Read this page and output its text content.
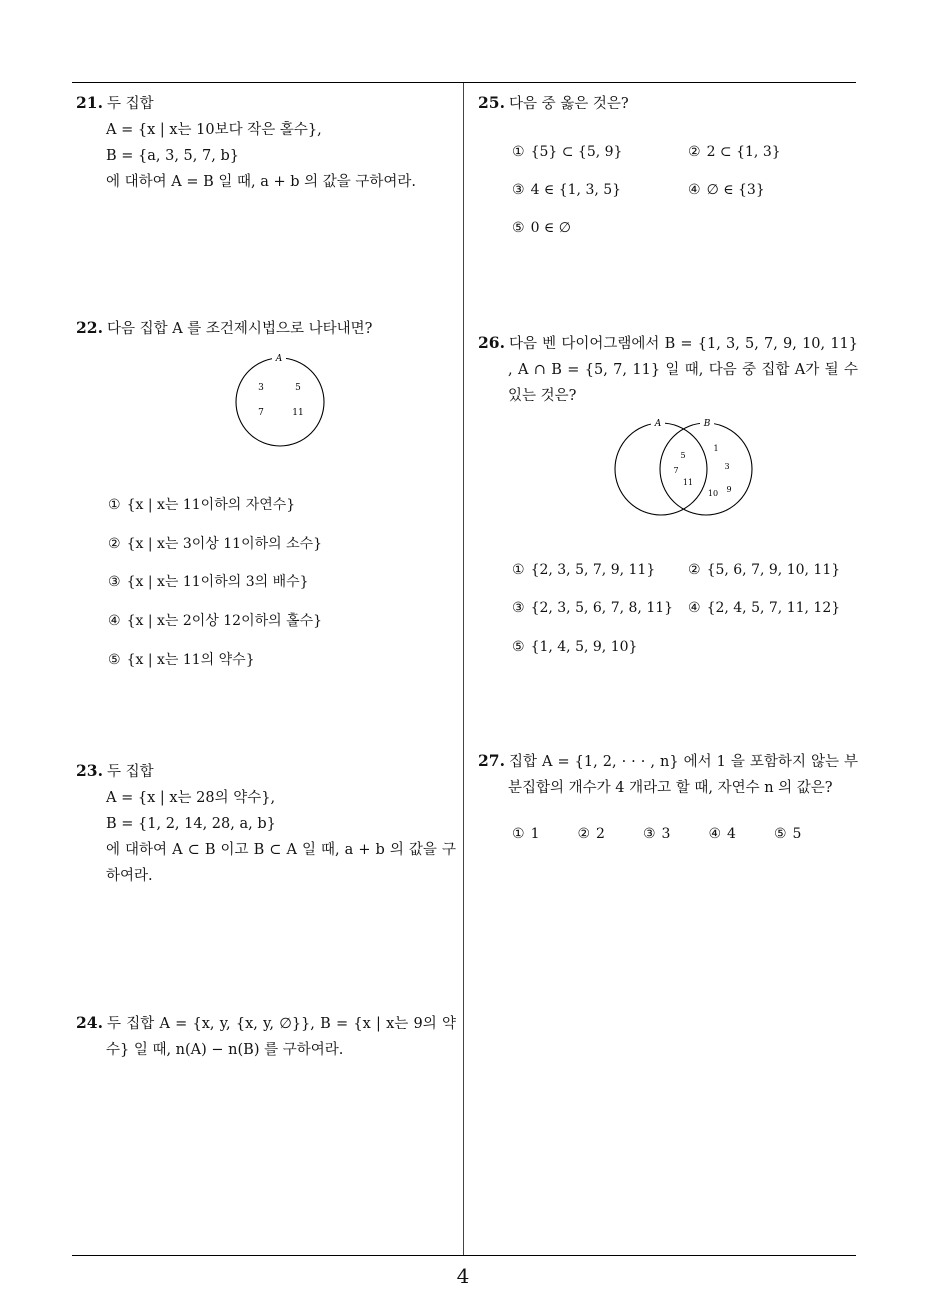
21. 두 집합
A = {x | x는 10보다 작은 홀수},
B = {a, 3, 5, 7, b}
에 대하여 A = B 일 때, a + b 의 값을 구하여라.
22. 다음 집합 A 를 조건제시법으로 나타내면?
A
3	5
7	11
① {x | x는 11이하의 자연수}
② {x | x는 3이상 11이하의 소수}
③ {x | x는 11이하의 3의 배수}
④ {x | x는 2이상 12이하의 홀수}
⑤ {x | x는 11의 약수}
23. 두 집합
A = {x | x는 28의 약수},
B = {1, 2, 14, 28, a, b}
에 대하여 A ⊂ B 이고 B ⊂ A 일 때, a + b 의 값을 구하여라.
24. 두 집합 A = {x, y, {x, y, ∅}}, B = {x | x는 9의 약수} 일 때, n(A) − n(B) 를 구하여라.
25. 다음 중 옳은 것은?
① {5} ⊂ {5, 9}	② 2 ⊂ {1, 3}
③ 4 ∈ {1, 3, 5}	④ ∅ ∈ {3}
⑤ 0 ∈ ∅
26. 다음 벤 다이어그램에서 B = {1, 3, 5, 7, 9, 10, 11} , A ∩ B = {5, 7, 11} 일 때, 다음 중 집합 A가 될 수 있는 것은?
A	B
5
7
11
1
3
10 9
① {2, 3, 5, 7, 9, 11} ② {5, 6, 7, 9, 10, 11}
③ {2, 3, 5, 6, 7, 8, 11} ④ {2, 4, 5, 7, 11, 12}
⑤ {1, 4, 5, 9, 10}
27. 집합 A = {1, 2, · · · , n} 에서 1 을 포함하지 않는 부분집합의 개수가 4 개라고 할 때, 자연수 n 의 값은?
① 1	② 2	③ 3	④ 4	⑤ 5
4
